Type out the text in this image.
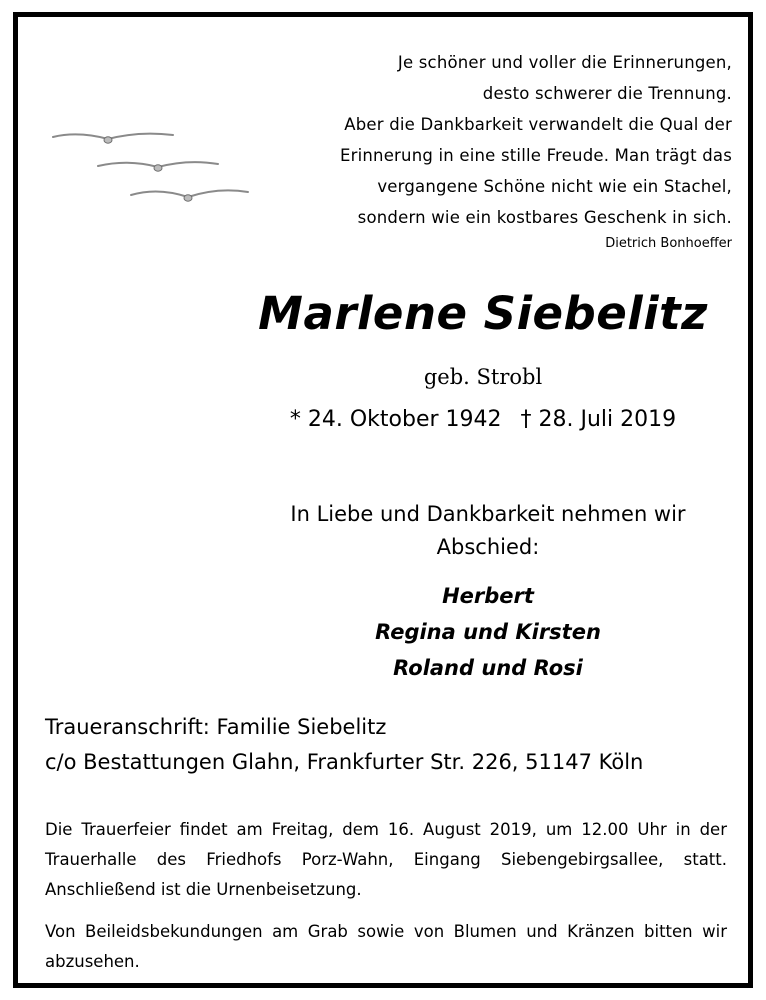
Je schöner und voller die Erinnerungen,
desto schwerer die Trennung.
Aber die Dankbarkeit verwandelt die Qual der
Erinnerung in eine stille Freude. Man trägt das
vergangene Schöne nicht wie ein Stachel,
sondern wie ein kostbares Geschenk in sich.
Dietrich Bonhoeffer
Marlene Siebelitz
geb. Strobl
* 24. Oktober 1942 † 28. Juli 2019
In Liebe und Dankbarkeit nehmen wir
Abschied:
Herbert
Regina und Kirsten
Roland und Rosi
Traueranschrift: Familie Siebelitz
c/o Bestattungen Glahn, Frankfurter Str. 226, 51147 Köln
Die Trauerfeier findet am Freitag, dem 16. August 2019, um 12.00 Uhr in der Trauerhalle des Friedhofs Porz-Wahn, Eingang Siebengebirgsallee, statt. Anschließend ist die Urnenbeisetzung.
Von Beileidsbekundungen am Grab sowie von Blumen und Kränzen bitten wir abzusehen.
